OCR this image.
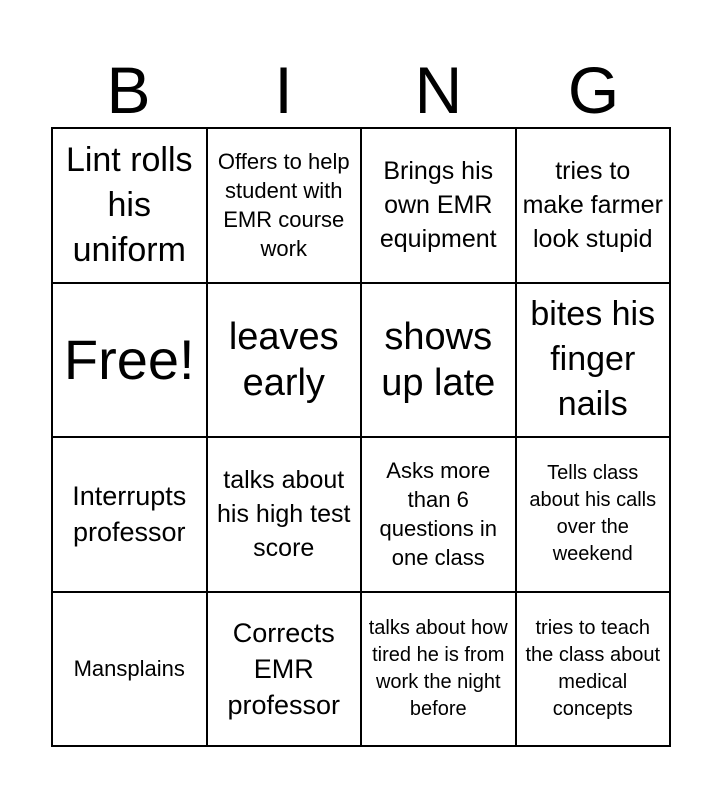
B	I	N	G
Lint rolls his uniform
Offers to help student with EMR course work
Brings his own EMR equipment
tries to make farmer look stupid
Free! leaves early
shows up late
bites his finger nails
Interrupts professor
talks about his high test score
Asks more than 6 questions in one class
Tells class about his calls over the weekend
Mansplains
Corrects EMR professor
talks about how tired he is from work the night before
tries to teach the class about medical concepts
